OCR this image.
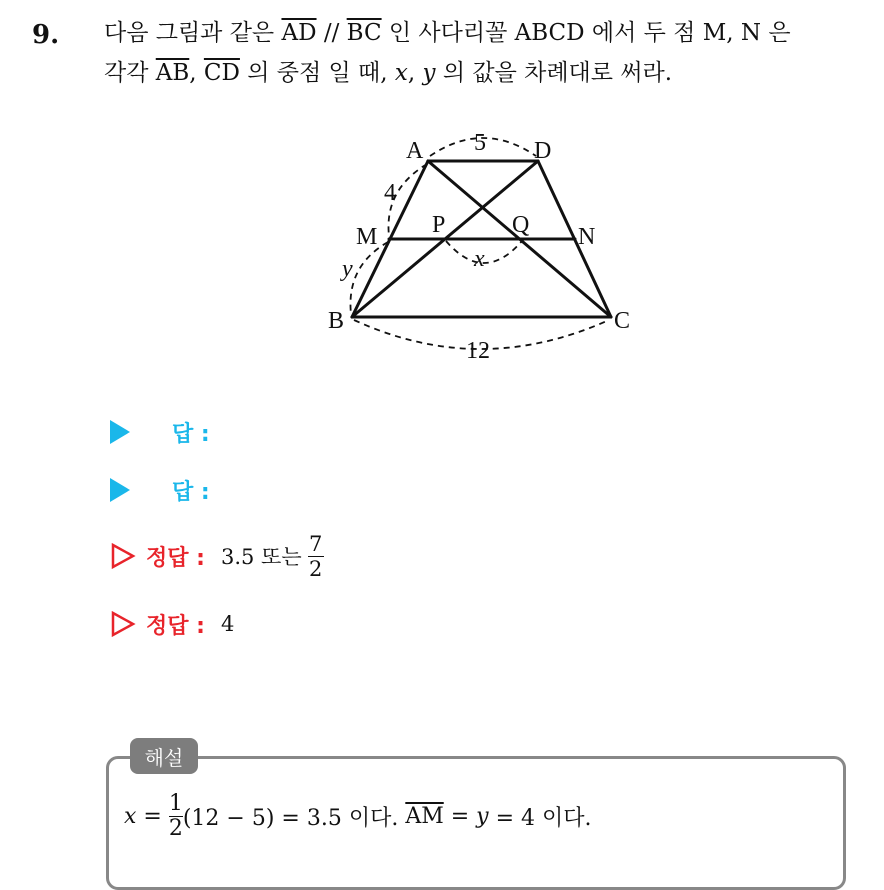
9. 다음 그림과 같은 $\overline{AD} // \overline{BC}$ 인 사다리꼴 ABCD 에서 두 점 M, N 은
각각 $\overline{AB}$, $\overline{CD}$ 의 중점 일 때, x, y 의 값을 차례대로 써라.
A	D
M	N
P	Q
B	C
5
4
y	x
12
답 :
답 :
정답 : 3.5 또는 $\frac{7}{2}$
정답 : 4
해설
$x = \frac{1}{2} (12 - 5) = 3.5$ 이다. $\overline{AM} = y = 4$ 이다.
